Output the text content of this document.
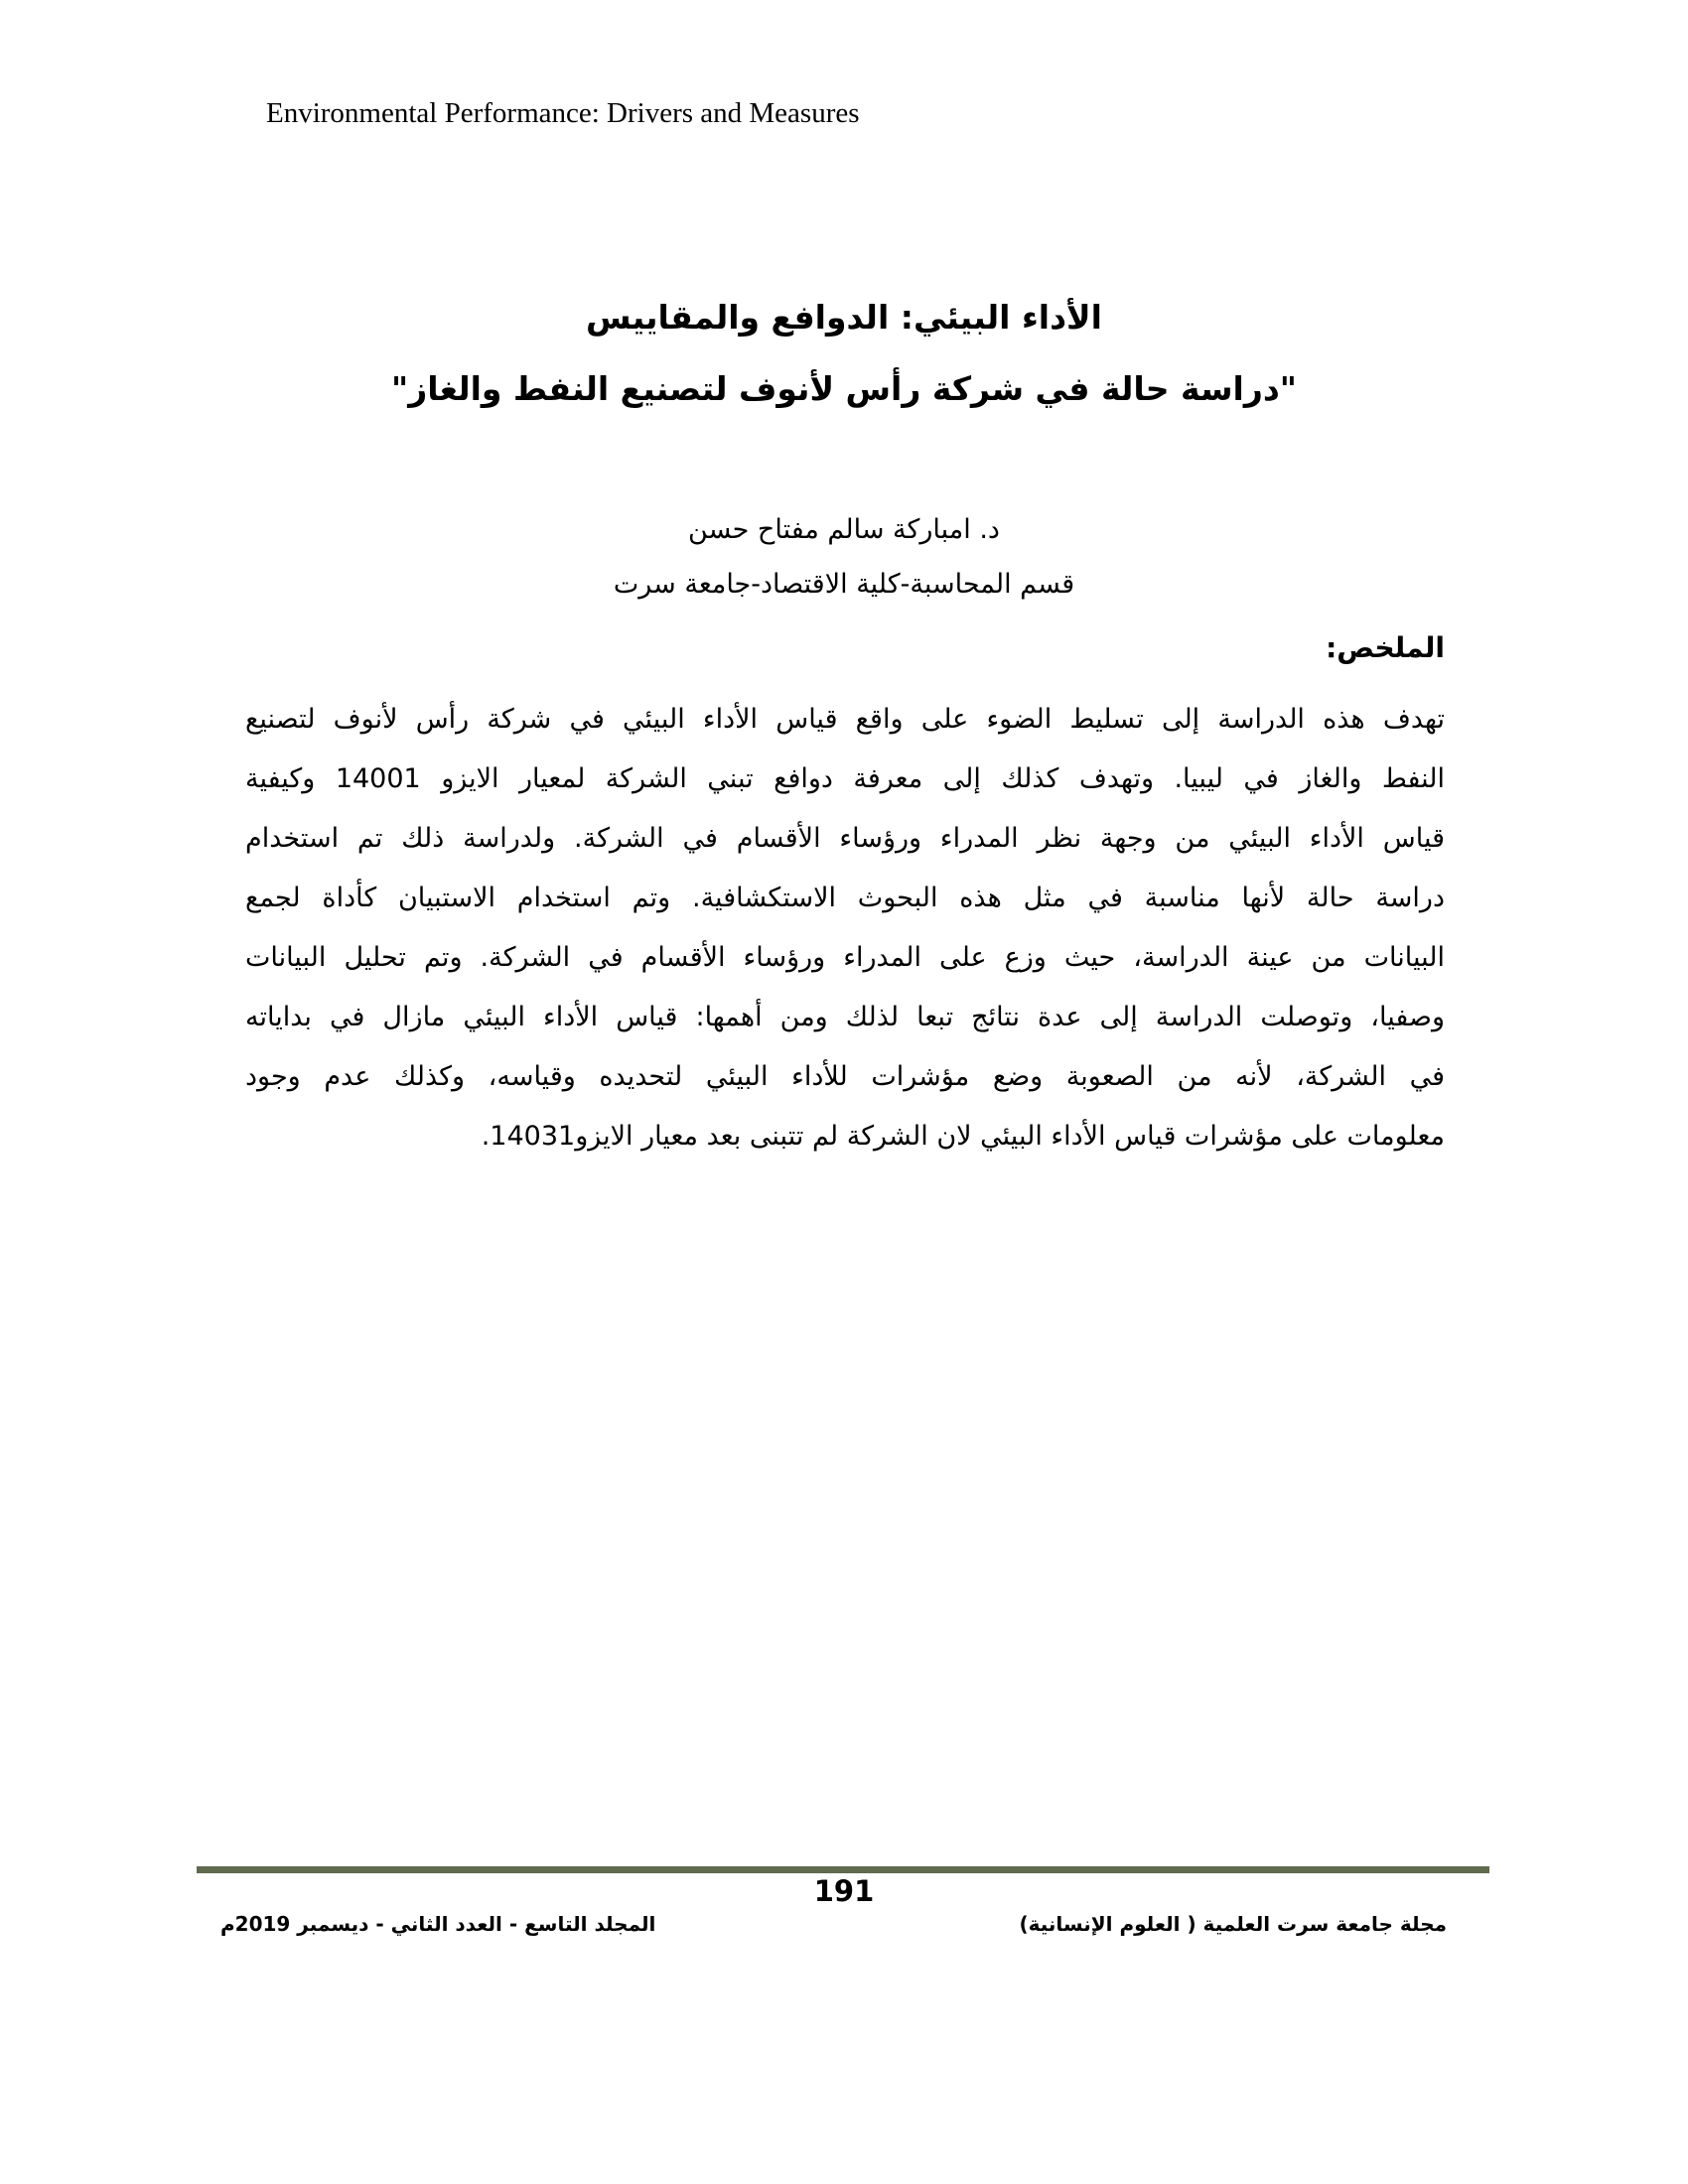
Environmental Performance: Drivers and Measures
الأداء البيئي: الدوافع والمقاييس
"دراسة حالة في شركة رأس لأنوف لتصنيع النفط والغاز"
د. امباركة سالم مفتاح حسن
قسم المحاسبة-كلية الاقتصاد-جامعة سرت
الملخص:
تهدف هذه الدراسة إلى تسليط الضوء على واقع قياس الأداء البيئي في شركة رأس لأنوف لتصنيع
النفط والغاز في ليبيا. وتهدف كذلك إلى معرفة دوافع تبني الشركة لمعيار الايزو 14001 وكيفية
قياس الأداء البيئي من وجهة نظر المدراء ورؤساء الأقسام في الشركة. ولدراسة ذلك تم استخدام
دراسة حالة لأنها مناسبة في مثل هذه البحوث الاستكشافية. وتم استخدام الاستبيان كأداة لجمع
البيانات من عينة الدراسة، حيث وزع على المدراء ورؤساء الأقسام في الشركة. وتم تحليل البيانات
وصفيا، وتوصلت الدراسة إلى عدة نتائج تبعا لذلك ومن أهمها: قياس الأداء البيئي مازال في بداياته
في الشركة، لأنه من الصعوبة وضع مؤشرات للأداء البيئي لتحديده وقياسه، وكذلك عدم وجود
معلومات على مؤشرات قياس الأداء البيئي لان الشركة لم تتبنى بعد معيار الايزو14031.
191
مجلة جامعة سرت العلمية ( العلوم الإنسانية)
المجلد التاسع - العدد الثاني - ديسمبر 2019م
